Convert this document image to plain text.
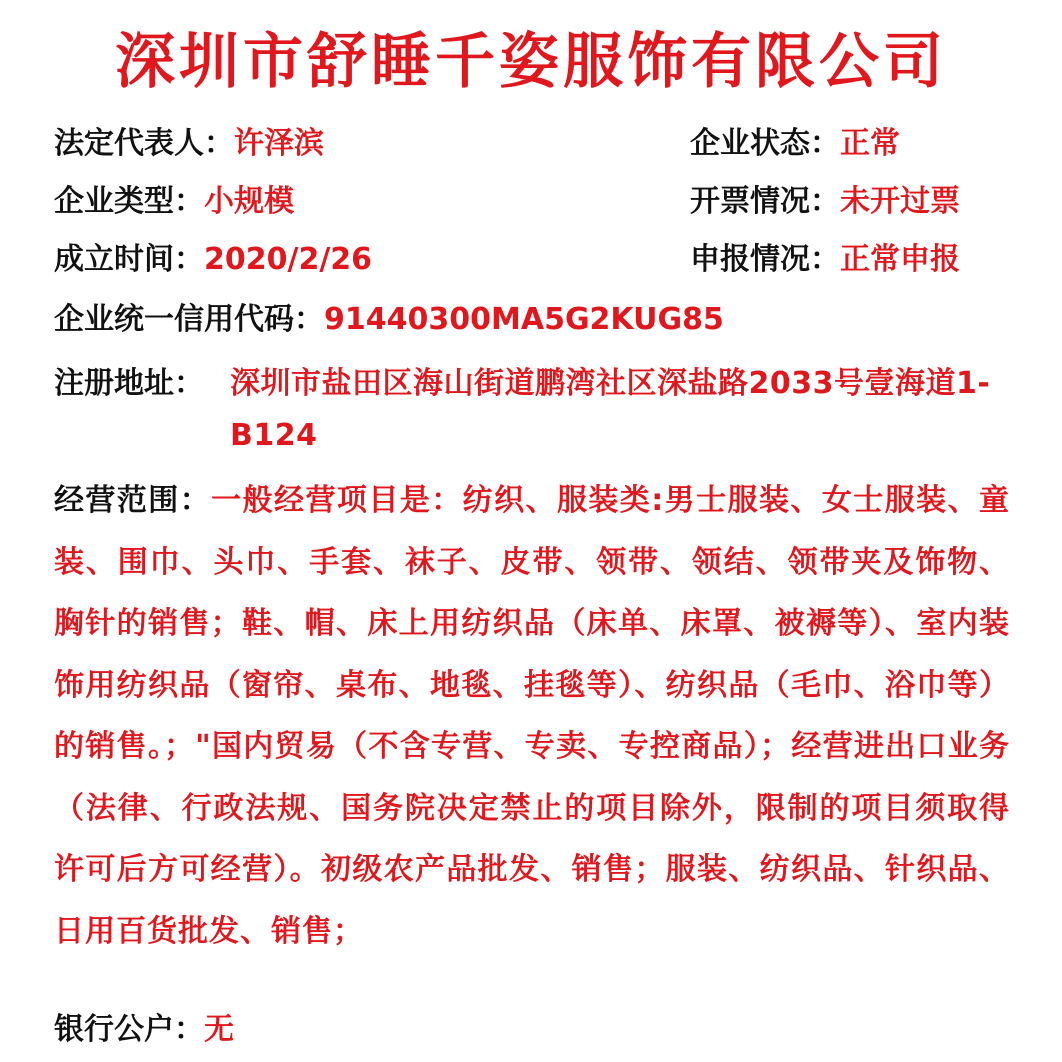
深圳市舒睡千姿服饰有限公司
法定代表人：许泽滨	企业状态：正常
企业类型：小规模	开票情况：未开过票
成立时间：2020/2/26	申报情况：正常申报
企业统一信用代码：91440300MA5G2KUG85
注册地址： 深圳市盐田区海山街道鹏湾社区深盐路2033号壹海道1-B124
经营范围：一般经营项目是：纺织、服装类:男士服装、女士服装、童装、围巾、头巾、手套、袜子、皮带、领带、领结、领带夹及饰物、胸针的销售；鞋、帽、床上用纺织品（床单、床罩、被褥等）、室内装饰用纺织品（窗帘、桌布、地毯、挂毯等）、纺织品（毛巾、浴巾等）的销售。；"国内贸易（不含专营、专卖、专控商品）；经营进出口业务（法律、行政法规、国务院决定禁止的项目除外，限制的项目须取得许可后方可经营）。初级农产品批发、销售；服装、纺织品、针织品、日用百货批发、销售；
银行公户：无
